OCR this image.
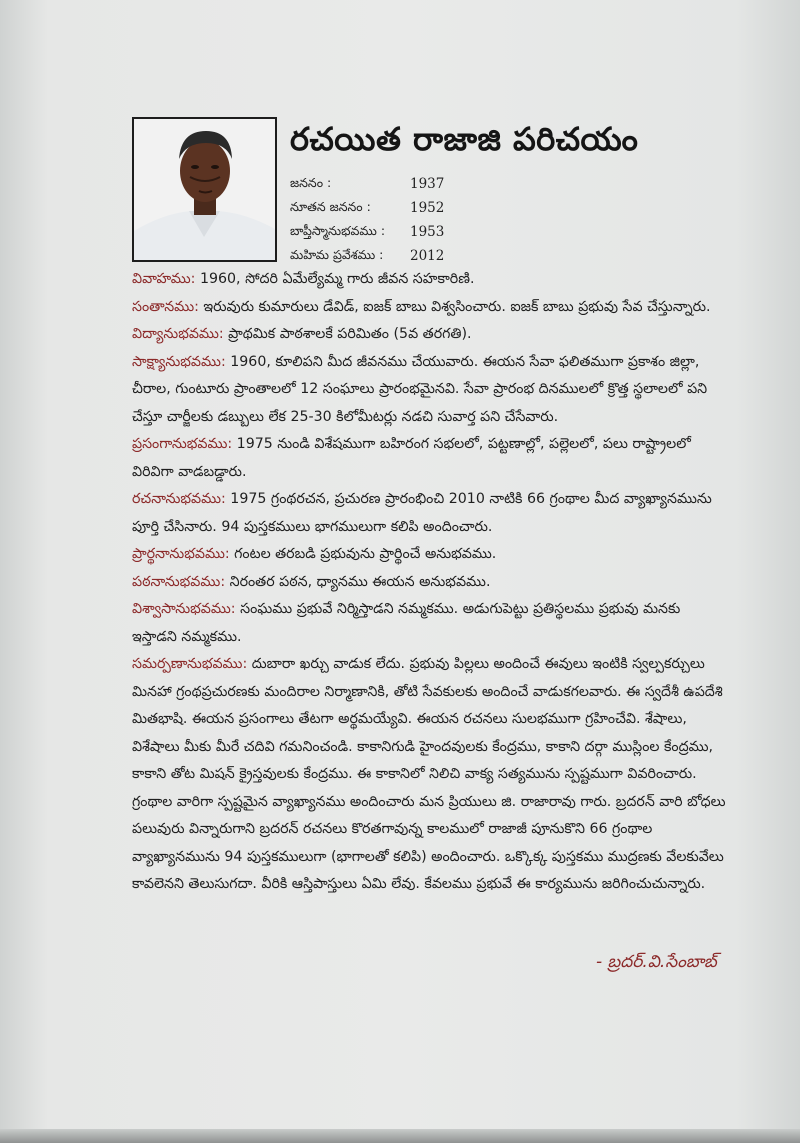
రచయిత రాజాజి పరిచయం
జననం :	1937
నూతన జననం :	1952
బాప్తీస్మానుభవము :	1953
మహిమ ప్రవేశము :	2012

వివాహము: 1960, సోదరి ఏమేల్యేమ్మ గారు జీవన సహకారిణి.

సంతానము: ఇరువురు కుమారులు డేవిడ్, ఐజక్ బాబు విశ్వసించారు. ఐజక్ బాబు ప్రభువు సేవ చేస్తున్నారు.

విద్యానుభవము: ప్రాథమిక పాఠశాలకే పరిమితం (5వ తరగతి).

సాక్ష్యానుభవము: 1960, కూలిపని మీద జీవనము చేయువారు. ఈయన సేవా ఫలితముగా ప్రకాశం జిల్లా, చీరాల, గుంటూరు ప్రాంతాలలో 12 సంఘాలు ప్రారంభమైనవి. సేవా ప్రారంభ దినములలో క్రొత్త స్థలాలలో పని చేస్తూ చార్జీలకు డబ్బులు లేక 25-30 కిలోమీటర్లు నడచి సువార్త పని చేసేవారు.

ప్రసంగానుభవము: 1975 నుండి విశేషముగా బహిరంగ సభలలో, పట్టణాల్లో, పల్లెలలో, పలు రాష్ట్రాలలో విరివిగా వాడబడ్డారు.

రచనానుభవము: 1975 గ్రంథరచన, ప్రచురణ ప్రారంభించి 2010 నాటికి 66 గ్రంథాల మీద వ్యాఖ్యానమును పూర్తి చేసినారు. 94 పుస్తకములు భాగములుగా కలిపి అందించారు.

ప్రార్థనానుభవము: గంటల తరబడి ప్రభువును ప్రార్థించే అనుభవము.

పఠనానుభవము: నిరంతర పఠన, ధ్యానము ఈయన అనుభవము.

విశ్వాసానుభవము: సంఘము ప్రభువే నిర్మిస్తాడని నమ్మకము. అడుగుపెట్టు ప్రతిస్థలము ప్రభువు మనకు ఇస్తాడని నమ్మకము.

సమర్పణానుభవము: దుబారా ఖర్చు వాడుక లేదు. ప్రభువు పిల్లలు అందించే ఈవులు ఇంటికి స్వల్పకర్చులు మినహా గ్రంథప్రచురణకు మందిరాల నిర్మాణానికి, తోటి సేవకులకు అందించే వాడుకగలవారు. ఈ స్వదేశీ ఉపదేశి మితభాషి. ఈయన ప్రసంగాలు తేటగా అర్థమయ్యేవి. ఈయన రచనలు సులభముగా గ్రహించేవి. శేషాలు, విశేషాలు మీకు మీరే చదివి గమనించండి. కాకానిగుడి హైందవులకు కేంద్రము, కాకాని దర్గా ముస్లింల కేంద్రము, కాకాని తోట మిషన్ క్రైస్తవులకు కేంద్రము. ఈ కాకానిలో నిలిచి వాక్య సత్యమును స్పష్టముగా వివరించారు. గ్రంథాల వారిగా స్పష్టమైన వ్యాఖ్యానము అందించారు మన ప్రియులు జి. రాజారావు గారు. బ్రదరన్ వారి బోధలు పలువురు విన్నారుగాని బ్రదరన్ రచనలు కొరతగావున్న కాలములో రాజాజీ పూనుకొని 66 గ్రంథాల వ్యాఖ్యానమును 94 పుస్తకములుగా (భాగాలతో కలిపి) అందించారు. ఒక్కొక్క పుస్తకము ముద్రణకు వేలకువేలు కావలెనని తెలుసుగదా. వీరికి ఆస్తిపాస్తులు ఏమి లేవు. కేవలము ప్రభువే ఈ కార్యమును జరిగించుచున్నారు.

- బ్రదర్.వి.సేంబాబ్
